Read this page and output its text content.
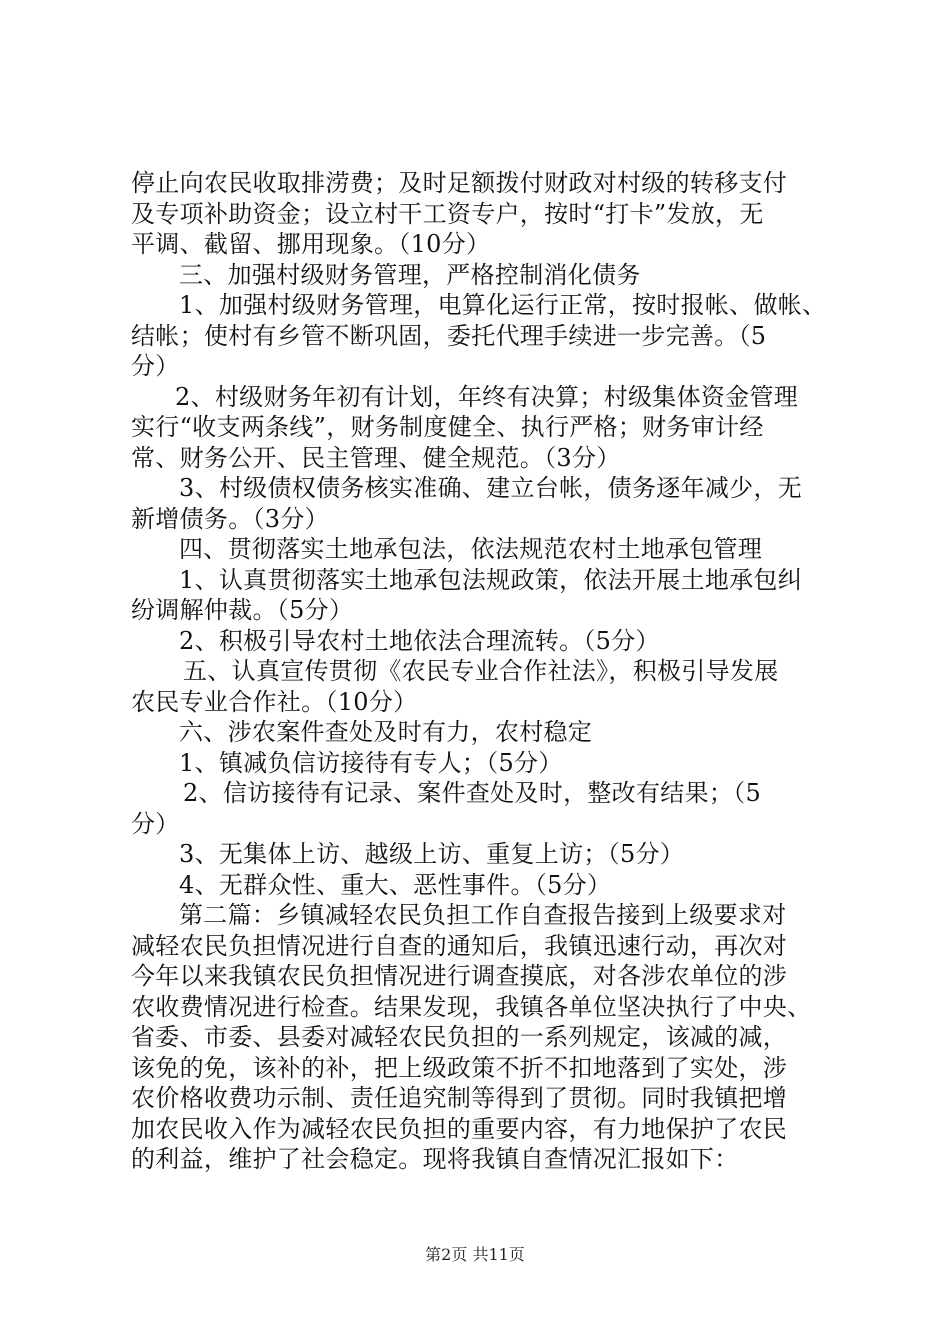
停止向农民收取排涝费；及时足额拨付财政对村级的转移支付
及专项补助资金；设立村干工资专户，按时“打卡”发放，无
平调、截留、挪用现象。（10分）
三、加强村级财务管理，严格控制消化债务
1、加强村级财务管理，电算化运行正常，按时报帐、做帐、
结帐；使村有乡管不断巩固，委托代理手续进一步完善。（5
分）
2、村级财务年初有计划，年终有决算；村级集体资金管理
实行“收支两条线”，财务制度健全、执行严格；财务审计经
常、财务公开、民主管理、健全规范。（3分）
3、村级债权债务核实准确、建立台帐，债务逐年减少，无
新增债务。（3分）
四、贯彻落实土地承包法，依法规范农村土地承包管理
1、认真贯彻落实土地承包法规政策，依法开展土地承包纠
纷调解仲裁。（5分）
2、积极引导农村土地依法合理流转。（5分）
五、认真宣传贯彻《农民专业合作社法》，积极引导发展
农民专业合作社。（10分）
六、涉农案件查处及时有力，农村稳定
1、镇减负信访接待有专人；（5分）
2、信访接待有记录、案件查处及时，整改有结果；（5
分）
3、无集体上访、越级上访、重复上访；（5分）
4、无群众性、重大、恶性事件。（5分）
第二篇：乡镇减轻农民负担工作自查报告接到上级要求对
减轻农民负担情况进行自查的通知后，我镇迅速行动，再次对
今年以来我镇农民负担情况进行调查摸底，对各涉农单位的涉
农收费情况进行检查。结果发现，我镇各单位坚决执行了中央、
省委、市委、县委对减轻农民负担的一系列规定，该减的减，
该免的免，该补的补，把上级政策不折不扣地落到了实处，涉
农价格收费功示制、责任追究制等得到了贯彻。同时我镇把增
加农民收入作为减轻农民负担的重要内容，有力地保护了农民
的利益，维护了社会稳定。现将我镇自查情况汇报如下：
第2页 共11页
